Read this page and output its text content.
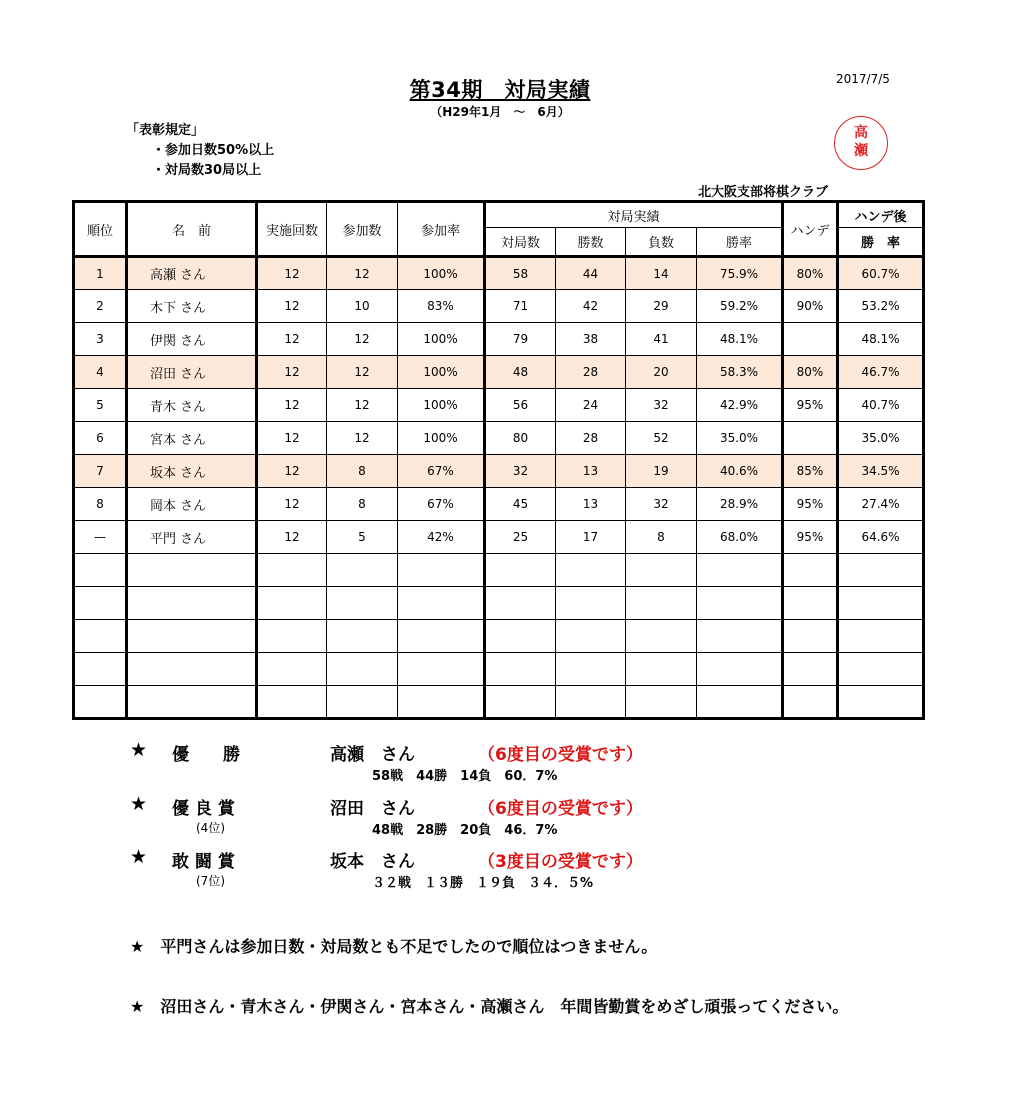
第34期　対局実績
（H29年1月　～　6月）
2017/7/5
「表彰規定」
・参加日数50%以上
・対局数30局以上
高
瀬
北大阪支部将棋クラブ
順位	名　前	実施回数	参加数	参加率	対局実績				ハンデ	ハンデ後
					対局数	勝数	負数	勝率		勝　率
1	高瀬 さん	12	12	100%	58	44	14	75.9%	80%	60.7%
2	木下 さん	12	10	83%	71	42	29	59.2%	90%	53.2%
3	伊関 さん	12	12	100%	79	38	41	48.1%		48.1%
4	沼田 さん	12	12	100%	48	28	20	58.3%	80%	46.7%
5	青木 さん	12	12	100%	56	24	32	42.9%	95%	40.7%
6	宮本 さん	12	12	100%	80	28	52	35.0%		35.0%
7	坂本 さん	12	8	67%	32	13	19	40.6%	85%	34.5%
8	岡本 さん	12	8	67%	45	13	32	28.9%	95%	27.4%
—	平門 さん	12	5	42%	25	17	8	68.0%	95%	64.6%

★ 優　　勝	高瀬　さん	（6度目の受賞です）
58戦　44勝　14負　60．7%
★ 優 良 賞
(4位)
沼田　さん	（6度目の受賞です）
48戦　28勝　20負　46．7%
★ 敢 闘 賞
(7位)
坂本　さん	（3度目の受賞です）
３２戦　１３勝　１９負　３４．５%
★　平門さんは参加日数・対局数とも不足でしたので順位はつきません。
★　沼田さん・青木さん・伊関さん・宮本さん・高瀬さん　年間皆勤賞をめざし頑張ってください。
